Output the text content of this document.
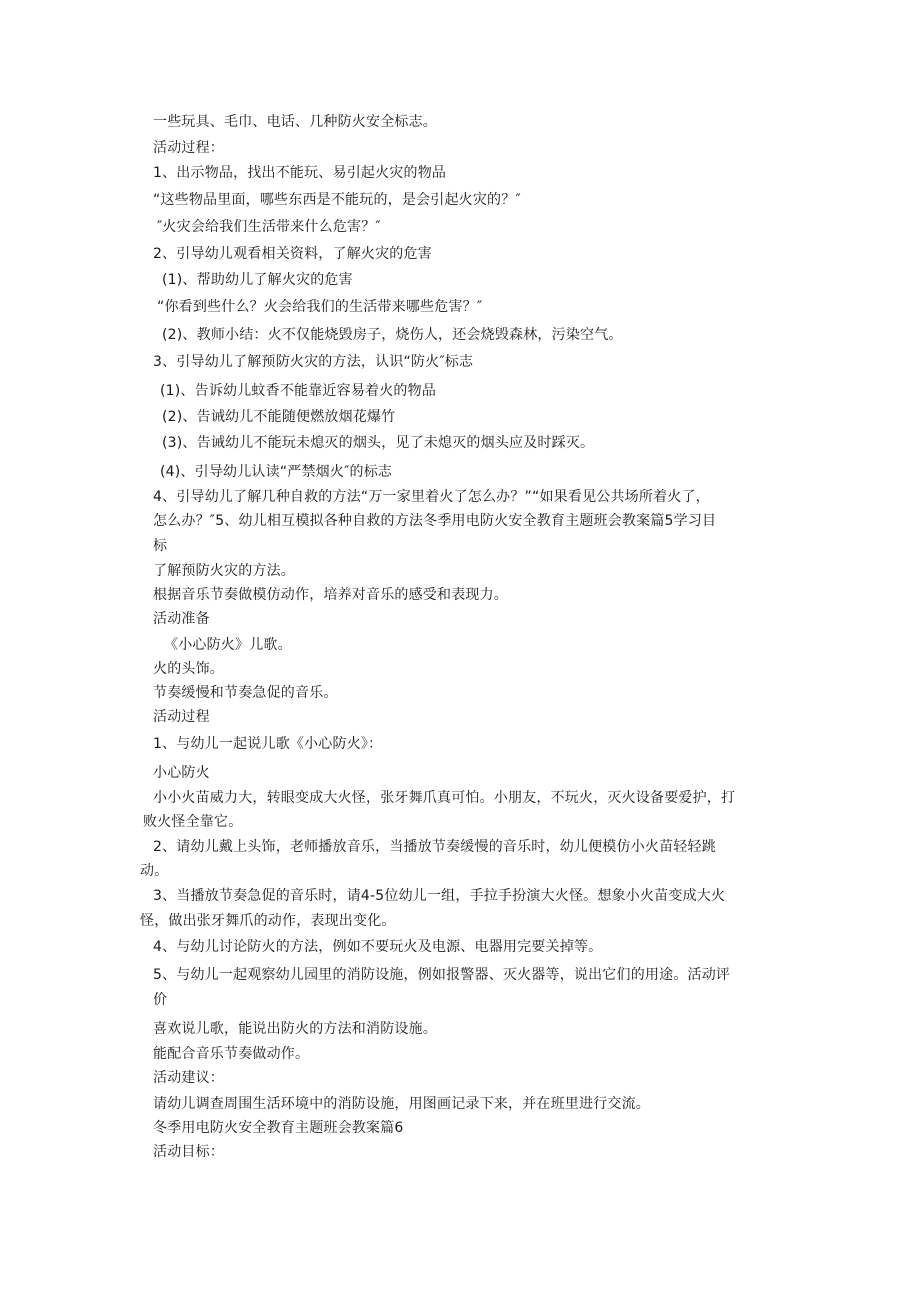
一些玩具、毛巾、电话、几种防火安全标志。
活动过程：
1、出示物品，找出不能玩、易引起火灾的物品
“这些物品里面，哪些东西是不能玩的，是会引起火灾的？″
″火灾会给我们生活带来什么危害？″
2、引导幼儿观看相关资料，了解火灾的危害
(1)、帮助幼儿了解火灾的危害
“你看到些什么？火会给我们的生活带来哪些危害？″
(2)、教师小结：火不仅能烧毁房子，烧伤人，还会烧毁森林，污染空气。
3、引导幼儿了解预防火灾的方法，认识“防火″标志
(1)、告诉幼儿蚊香不能靠近容易着火的物品
(2)、告诫幼儿不能随便燃放烟花爆竹
(3)、告诫幼儿不能玩未熄灭的烟头，见了未熄灭的烟头应及时踩灭。
(4)、引导幼儿认读“严禁烟火″的标志
4、引导幼儿了解几种自救的方法“万一家里着火了怎么办？”“如果看见公共场所着火了，
怎么办？″5、幼儿相互模拟各种自救的方法冬季用电防火安全教育主题班会教案篇5学习目
标
了解预防火灾的方法。
根据音乐节奏做模仿动作，培养对音乐的感受和表现力。
活动准备
《小心防火》儿歌。
火的头饰。
节奏缓慢和节奏急促的音乐。
活动过程
1、与幼儿一起说儿歌《小心防火》：
小心防火
小小火苗威力大，转眼变成大火怪，张牙舞爪真可怕。小朋友，不玩火，灭火设备要爱护，打
败火怪全靠它。
2、请幼儿戴上头饰，老师播放音乐，当播放节奏缓慢的音乐时，幼儿便模仿小火苗轻轻跳
动。
3、当播放节奏急促的音乐时，请4-5位幼儿一组，手拉手扮演大火怪。想象小火苗变成大火
怪，做出张牙舞爪的动作，表现出变化。
4、与幼儿讨论防火的方法，例如不要玩火及电源、电器用完要关掉等。
5、与幼儿一起观察幼儿园里的消防设施，例如报警器、灭火器等，说出它们的用途。活动评
价
喜欢说儿歌，能说出防火的方法和消防设施。
能配合音乐节奏做动作。
活动建议：
请幼儿调查周围生活环境中的消防设施，用图画记录下来，并在班里进行交流。
冬季用电防火安全教育主题班会教案篇6
活动目标：
